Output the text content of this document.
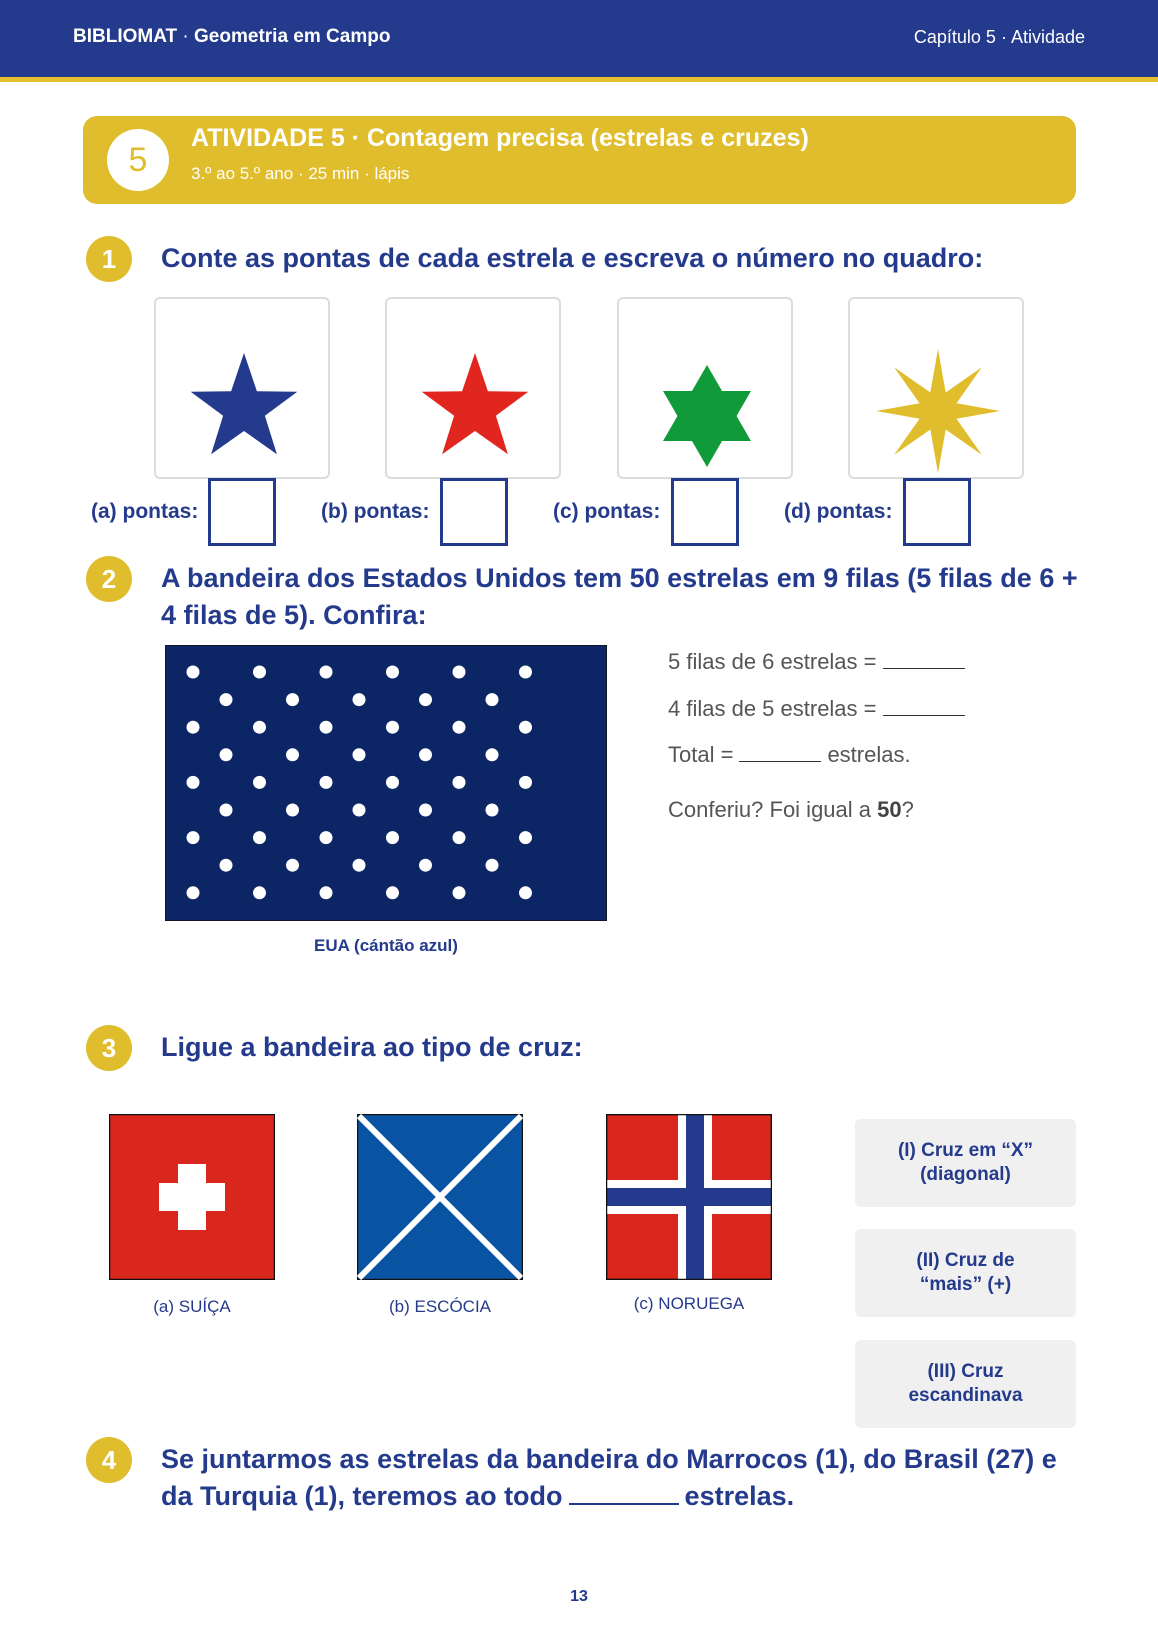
BIBLIOMAT · Geometria em Campo	Capítulo 5 · Atividade
5
ATIVIDADE 5 · Contagem precisa (estrelas e cruzes)
3.º ao 5.º ano · 25 min · lápis
1	Conte as pontas de cada estrela e escreva o número no quadro:
(a) pontas:	(b) pontas:	(c) pontas:	(d) pontas:
2	A bandeira dos Estados Unidos tem 50 estrelas em 9 filas (5 filas de 6 + 4 filas de 5). Confira:
EUA (cántão azul)
5 filas de 6 estrelas =
4 filas de 5 estrelas =
Total =	estrelas.
Conferiu? Foi igual a 50?
3	Ligue a bandeira ao tipo de cruz:
(a) SUÍÇA	(b) ESCÓCIA	(c) NORUEGA
(I) Cruz em “X”
(diagonal)
(II) Cruz de
“mais” (+)
(III) Cruz
escandinava
4	Se juntarmos as estrelas da bandeira do Marrocos (1), do Brasil (27) e da Turquia (1), teremos ao todo	estrelas.
13
